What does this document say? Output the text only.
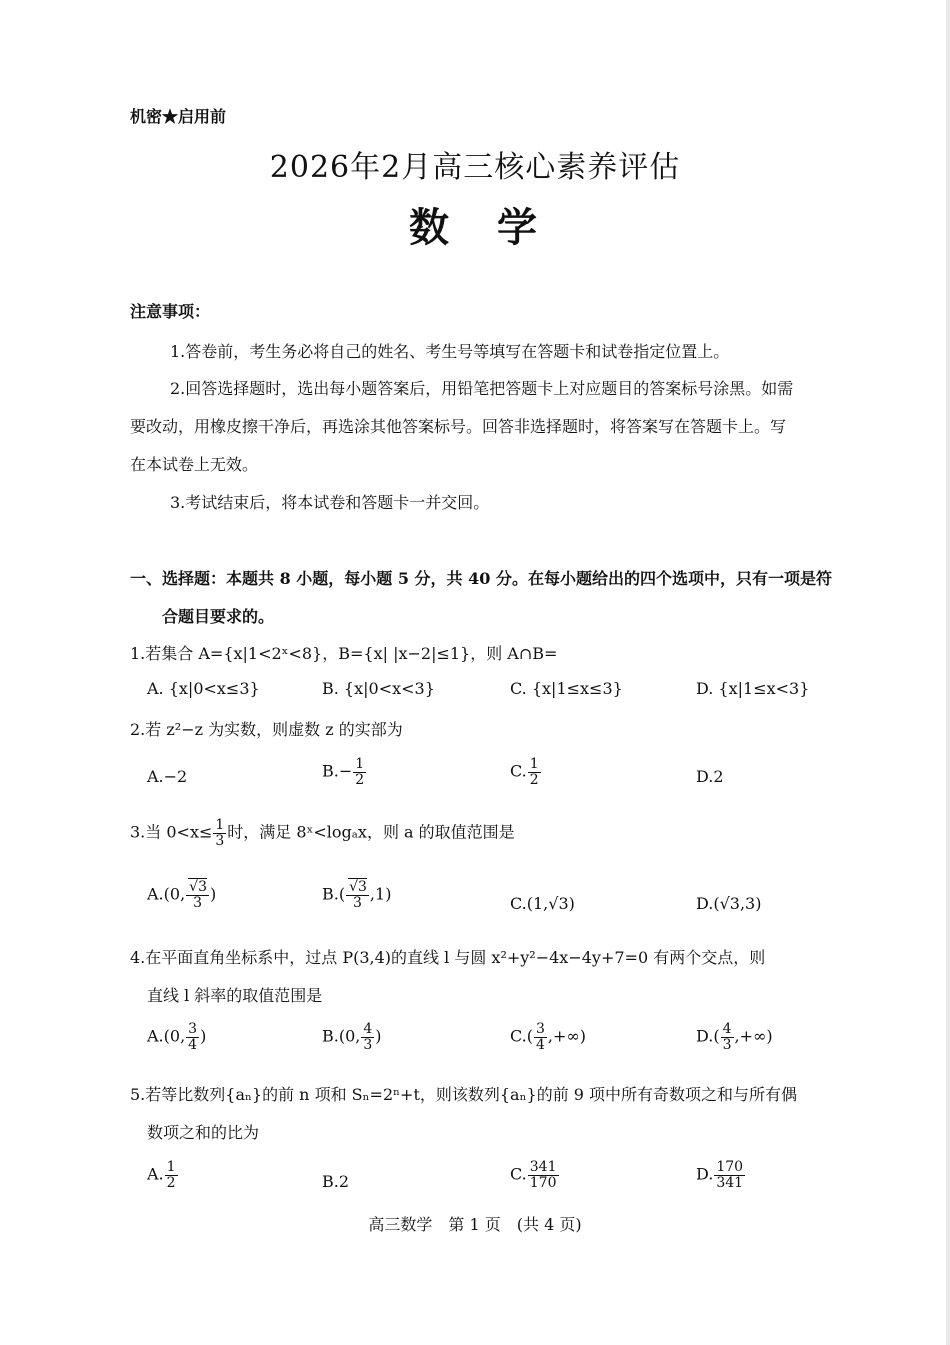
机密★启用前
2026年2月高三核心素养评估
数　学
注意事项：
1.答卷前，考生务必将自己的姓名、考生号等填写在答题卡和试卷指定位置上。
2.回答选择题时，选出每小题答案后，用铅笔把答题卡上对应题目的答案标号涂黑。如需
要改动，用橡皮擦干净后，再选涂其他答案标号。回答非选择题时，将答案写在答题卡上。写
在本试卷上无效。
3.考试结束后，将本试卷和答题卡一并交回。
一、选择题：本题共 8 小题，每小题 5 分，共 40 分。在每小题给出的四个选项中，只有一项是符
合题目要求的。
1.若集合 A={x|1<2ˣ<8}，B={x| |x−2|≤1}，则 A∩B=
A. {x|0<x≤3}	B. {x|0<x<3}	C. {x|1≤x≤3}	D. {x|1≤x<3}
2.若 z²−z 为实数，则虚数 z 的实部为
A.−2	$B.- \frac{1}{2}$	C. $\frac{1}{2}$	D.2
3.当 $0<x\le \frac{1}{3}$ 时，满足 8ˣ<logₐx，则 a 的取值范围是
A.(0, $\frac{√3}{3}$ )	$B.( \frac{√3}{3} ,1)$	C.(1,√3)	D.(√3,3)
4.在平面直角坐标系中，过点 P(3,4)的直线 l 与圆 x²+y²−4x−4y+7=0 有两个交点，则
直线 l 斜率的取值范围是
A.(0, $\frac{3}{4}$ )	B.(0, $\frac{4}{3}$ )	$C.( \frac{3}{4}$ ,+∞)	$D.( \frac{4}{3}$ ,+∞)
5.若等比数列{aₙ}的前 n 项和 Sₙ=2ⁿ+t，则该数列{aₙ}的前 9 项中所有奇数项之和与所有偶
数项之和的比为
A. $\frac{1}{2}$	B.2	C. $\frac{341}{170}$	D. $\frac{170}{341}$
高三数学　第 1 页　(共 4 页)
